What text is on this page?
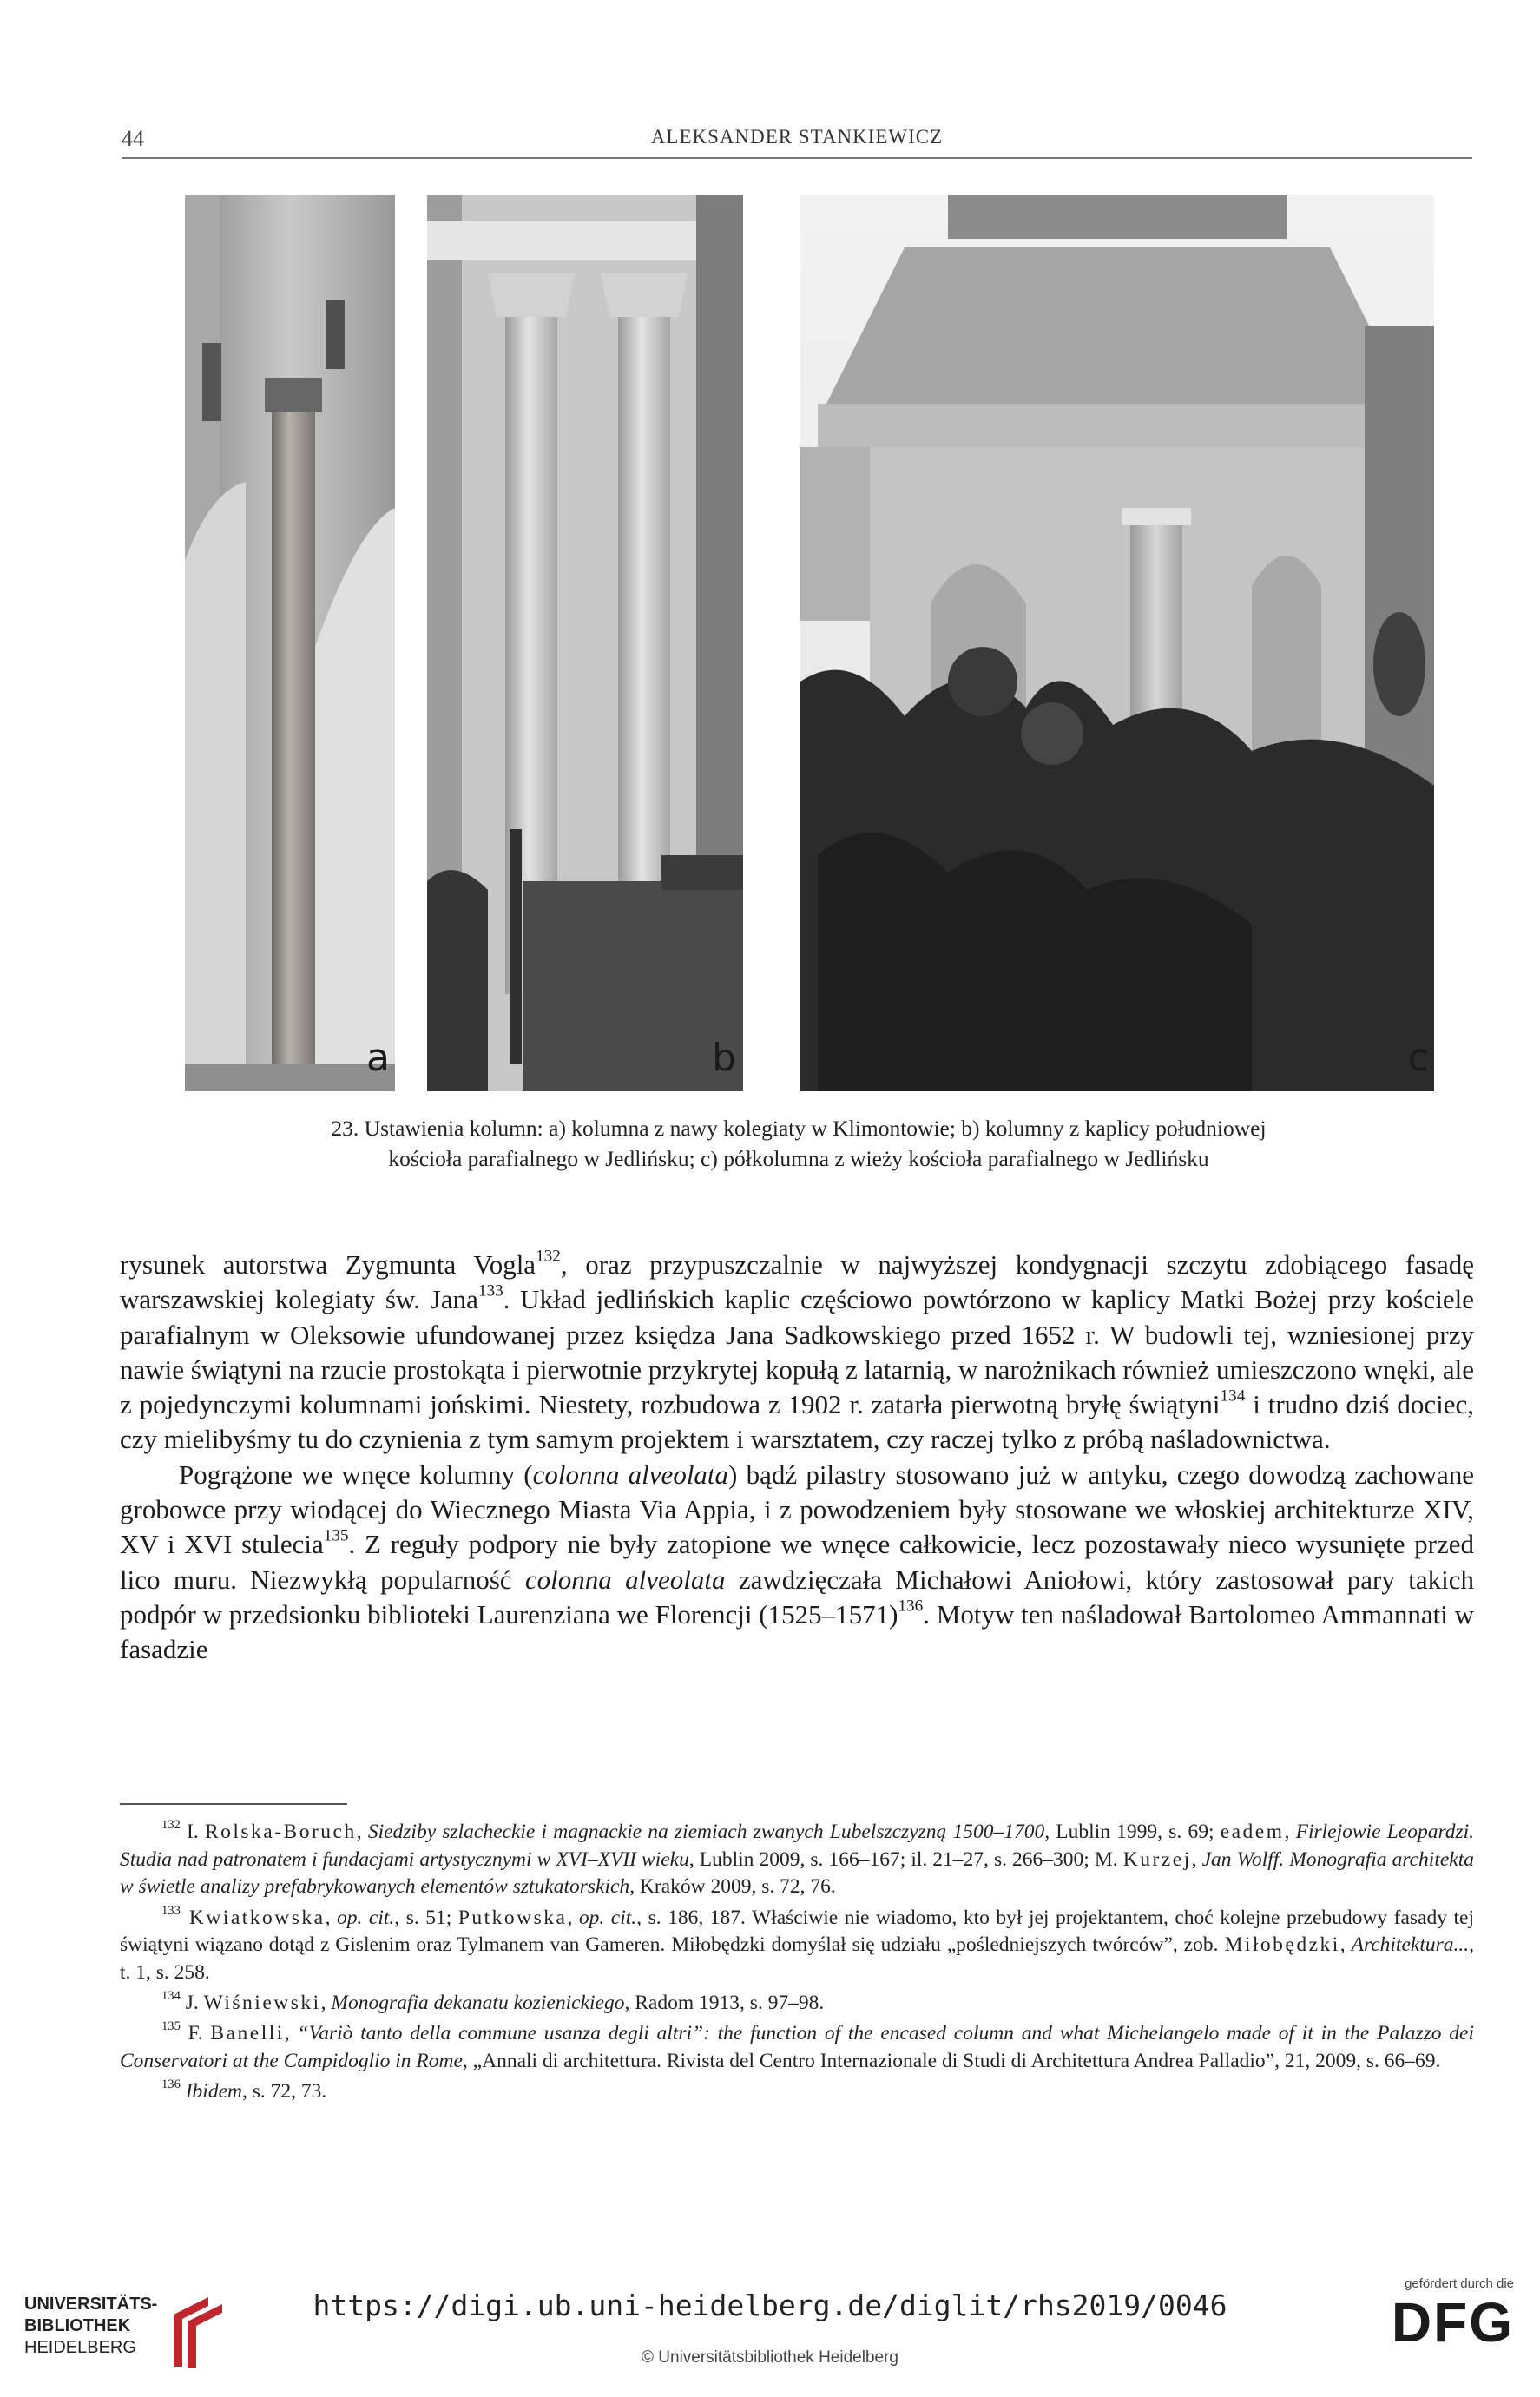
44	ALEKSANDER STANKIEWICZ
a	b	c
23. Ustawienia kolumn: a) kolumna z nawy kolegiaty w Klimontowie; b) kolumny z kaplicy południowej
kościoła parafialnego w Jedlińsku; c) półkolumna z wieży kościoła parafialnego w Jedlińsku

rysunek autorstwa Zygmunta Vogla$^{132}$, oraz przypuszczalnie w najwyższej kondygnacji szczytu zdobiącego fasadę warszawskiej kolegiaty św. Jana$^{133}$. Układ jedlińskich kaplic częściowo powtórzono w kaplicy Matki Bożej przy kościele parafialnym w Oleksowie ufundowanej przez księdza Jana Sadkowskiego przed 1652 r. W budowli tej, wzniesionej przy nawie świątyni na rzucie prostokąta i pierwotnie przykrytej kopułą z latarnią, w narożnikach również umieszczono wnęki, ale z pojedynczymi kolumnami jońskimi. Niestety, rozbudowa z 1902 r. zatarła pierwotną bryłę świątyni$^{134}$ i trudno dziś dociec, czy mielibyśmy tu do czynienia z tym samym projektem i warsztatem, czy raczej tylko z próbą naśladownictwa.

Pogrążone we wnęce kolumny (colonna alveolata) bądź pilastry stosowano już w antyku, czego dowodzą zachowane grobowce przy wiodącej do Wiecznego Miasta Via Appia, i z powodzeniem były stosowane we włoskiej architekturze XIV, XV i XVI stulecia$^{135}$. Z reguły podpory nie były zatopione we wnęce całkowicie, lecz pozostawały nieco wysunięte przed lico muru. Niezwykłą popularność colonna alveolata zawdzięczała Michałowi Aniołowi, który zastosował pary takich podpór w przedsionku biblioteki Laurenziana we Florencji (1525–1571)$^{136}$. Motyw ten naśladował Bartolomeo Ammannati w fasadzie

$^{132}$ I. Rolska-Boruch, Siedziby szlacheckie i magnackie na ziemiach zwanych Lubelszczyzną 1500–1700, Lublin 1999, s. 69; eadem, Firlejowie Leopardzi. Studia nad patronatem i fundacjami artystycznymi w XVI–XVII wieku, Lublin 2009, s. 166–167; il. 21–27, s. 266–300; M. Kurzej, Jan Wolff. Monografia architekta w świetle analizy prefabrykowanych elementów sztukatorskich, Kraków 2009, s. 72, 76.

$^{133}$ Kwiatkowska, op. cit., s. 51; Putkowska, op. cit., s. 186, 187. Właściwie nie wiadomo, kto był jej projektantem, choć kolejne przebudowy fasady tej świątyni wiązano dotąd z Gislenim oraz Tylmanem van Gameren. Miłobędzki domyślał się udziału „pośledniejszych twórców”, zob. Miłobędzki, Architektura..., t. 1, s. 258.

$^{134}$ J. Wiśniewski, Monografia dekanatu kozienickiego, Radom 1913, s. 97–98.

$^{135}$ F. Banelli, “Variò tanto della commune usanza degli altri”: the function of the encased column and what Michelangelo made of it in the Palazzo dei Conservatori at the Campidoglio in Rome, „Annali di architettura. Rivista del Centro Internazionale di Studi di Architettura Andrea Palladio”, 21, 2009, s. 66–69.

$^{136}$ Ibidem, s. 72, 73.

UNIVERSITÄTS-
BIBLIOTHEK
HEIDELBERG
https://digi.ub.uni-heidelberg.de/diglit/rhs2019/0046
© Universitätsbibliothek Heidelberg
gefördert durch die
DFG
